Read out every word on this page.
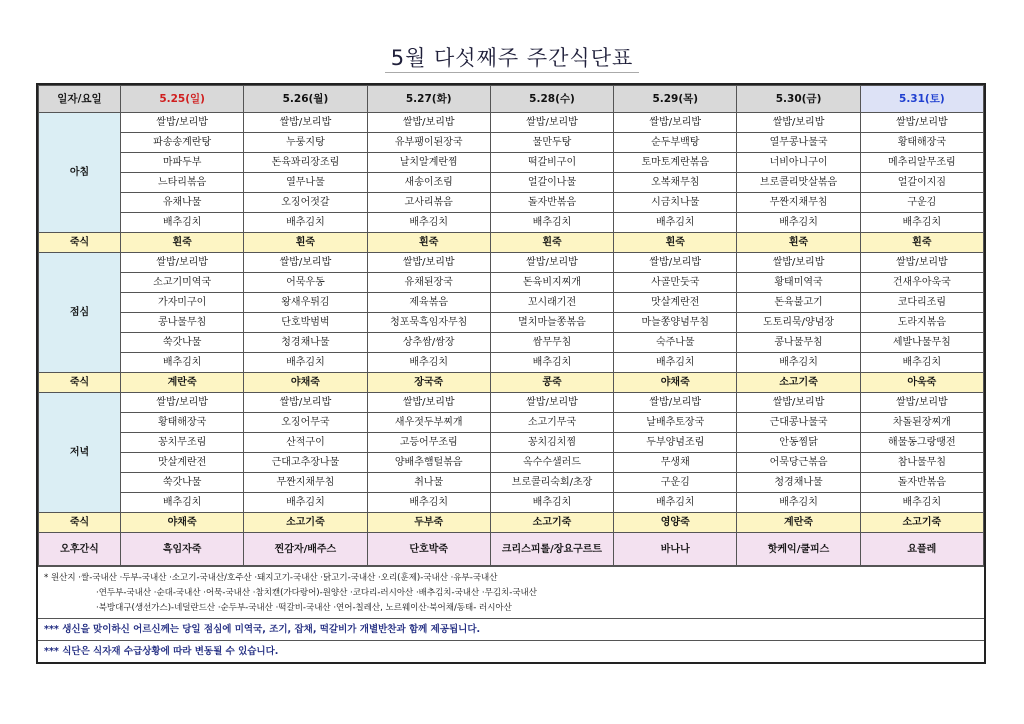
5월 다섯째주 주간식단표
일자/요일	5.25(일)	5.26(월)	5.27(화)	5.28(수)	5.29(목)	5.30(금)	5.31(토)
아침	쌀밥/보리밥	쌀밥/보리밥	쌀밥/보리밥	쌀밥/보리밥	쌀밥/보리밥	쌀밥/보리밥	쌀밥/보리밥
	파송송계란탕	누룽지탕	유부팽이된장국	물만두탕	순두부백탕	열무콩나물국	황태해장국
	마파두부	돈육꽈리장조림	날치알계란찜	떡갈비구이	토마토계란볶음	너비아니구이	메추리알무조림
	느타리볶음	열무나물	새송이조림	얼갈이나물	오복채무침	브로콜리맛살볶음	얼갈이지짐
	유채나물	오징어젓갈	고사리볶음	돌자반볶음	시금치나물	무짠지채무침	구운김
	배추김치	배추김치	배추김치	배추김치	배추김치	배추김치	배추김치
죽식	흰죽	흰죽	흰죽	흰죽	흰죽	흰죽	흰죽
점심	쌀밥/보리밥	쌀밥/보리밥	쌀밥/보리밥	쌀밥/보리밥	쌀밥/보리밥	쌀밥/보리밥	쌀밥/보리밥
	소고기미역국	어묵우동	유채된장국	돈육비지찌개	사골만둣국	황태미역국	건새우아욱국
	가자미구이	왕새우튀김	제육볶음	꼬시래기전	맛살계란전	돈육불고기	코다리조림
	콩나물무침	단호박범벅	청포묵흑임자무침	멸치마늘쫑볶음	마늘쫑양념무침	도토리묵/양념장	도라지볶음
	쑥갓나물	청경채나물	상추쌈/쌈장	쌈무무침	숙주나물	콩나물무침	세발나물무침
	배추김치	배추김치	배추김치	배추김치	배추김치	배추김치	배추김치
죽식	계란죽	야채죽	장국죽	콩죽	야채죽	소고기죽	아욱죽
저녁	쌀밥/보리밥	쌀밥/보리밥	쌀밥/보리밥	쌀밥/보리밥	쌀밥/보리밥	쌀밥/보리밥	쌀밥/보리밥
	황태해장국	오징어무국	새우젓두부찌개	소고기무국	날배추토장국	근대콩나물국	차돌된장찌개
	꽁치무조림	산적구이	고등어무조림	꽁치김치찜	두부양념조림	안동찜닭	해물동그랑땡전
	맛살계란전	근대고추장나물	양배추햄털볶음	옥수수샐러드	무생채	어묵당근볶음	참나물무침
	쑥갓나물	무짠지채무침	취나물	브로콜리숙회/초장	구운김	청경채나물	돌자반볶음
	배추김치	배추김치	배추김치	배추김치	배추김치	배추김치	배추김치
죽식	야채죽	소고기죽	두부죽	소고기죽	영양죽	계란죽	소고기죽
오후간식	흑임자죽	찐감자/배주스	단호박죽	크리스피롤/장요구르트	바나나	핫케익/쿨피스	요플레
* 원산지 ·쌀-국내산 ·두부-국내산 ·소고기-국내산/호주산 ·돼지고기-국내산 ·닭고기-국내산 ·오리(훈제)-국내산 ·유부-국내산
·연두부-국내산 ·순대-국내산 ·어묵-국내산 ·참치캔(가다랑어)-원양산 ·코다리-러시아산 ·배추김치-국내산 ·무김치-국내산
·북방대구(생선가스)-네덜란드산 ·순두부-국내산 ·떡갈비-국내산 ·연어-칠레산, 노르웨이산·북어채/동태- 러시아산
*** 생신을 맞이하신 어르신께는 당일 점심에 미역국, 조기, 잡채, 떡갈비가 개별반찬과 함께 제공됩니다.
*** 식단은 식자재 수급상황에 따라 변동될 수 있습니다.
